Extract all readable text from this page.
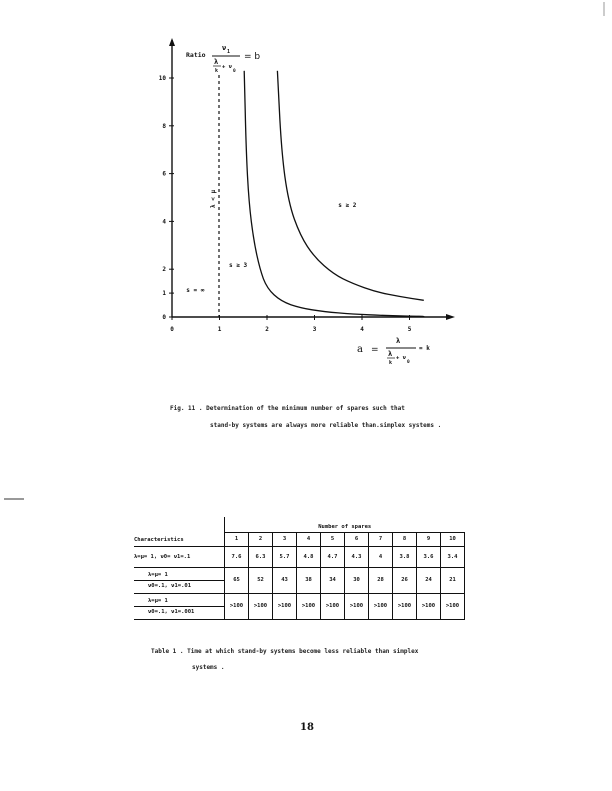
λ < μ
0
1
2
4
6
8
10
0	1	2	3	4	5
s ≥ 2
s ≥ 3
s = ∞
Ratio
ν 1
λ
k
+ ν
0
= b
a =
λ
λ
k
+ ν
0
= k
Fig. 11 . Determination of the minimum number of spares such that
stand-by systems are always more reliable than.simplex systems .
Characteristics	Number of spares									
	1	2	3	4	5	6	7	8	9	10

λ=μ= 1, ν0= ν1=.1	7.6	6.3	5.7	4.8	4.7	4.3	4	3.8	3.6	3.4

λ=μ= 1
ν0=.1, ν1=.01	65	52	43	38	34	30	28	26	24	21

λ=μ= 1
ν0=.1, ν1=.001	>100	>100	>100	>100	>100	>100	>100	>100	>100	>100
Table 1 . Time at which stand-by systems become less reliable than simplex
systems .
18
